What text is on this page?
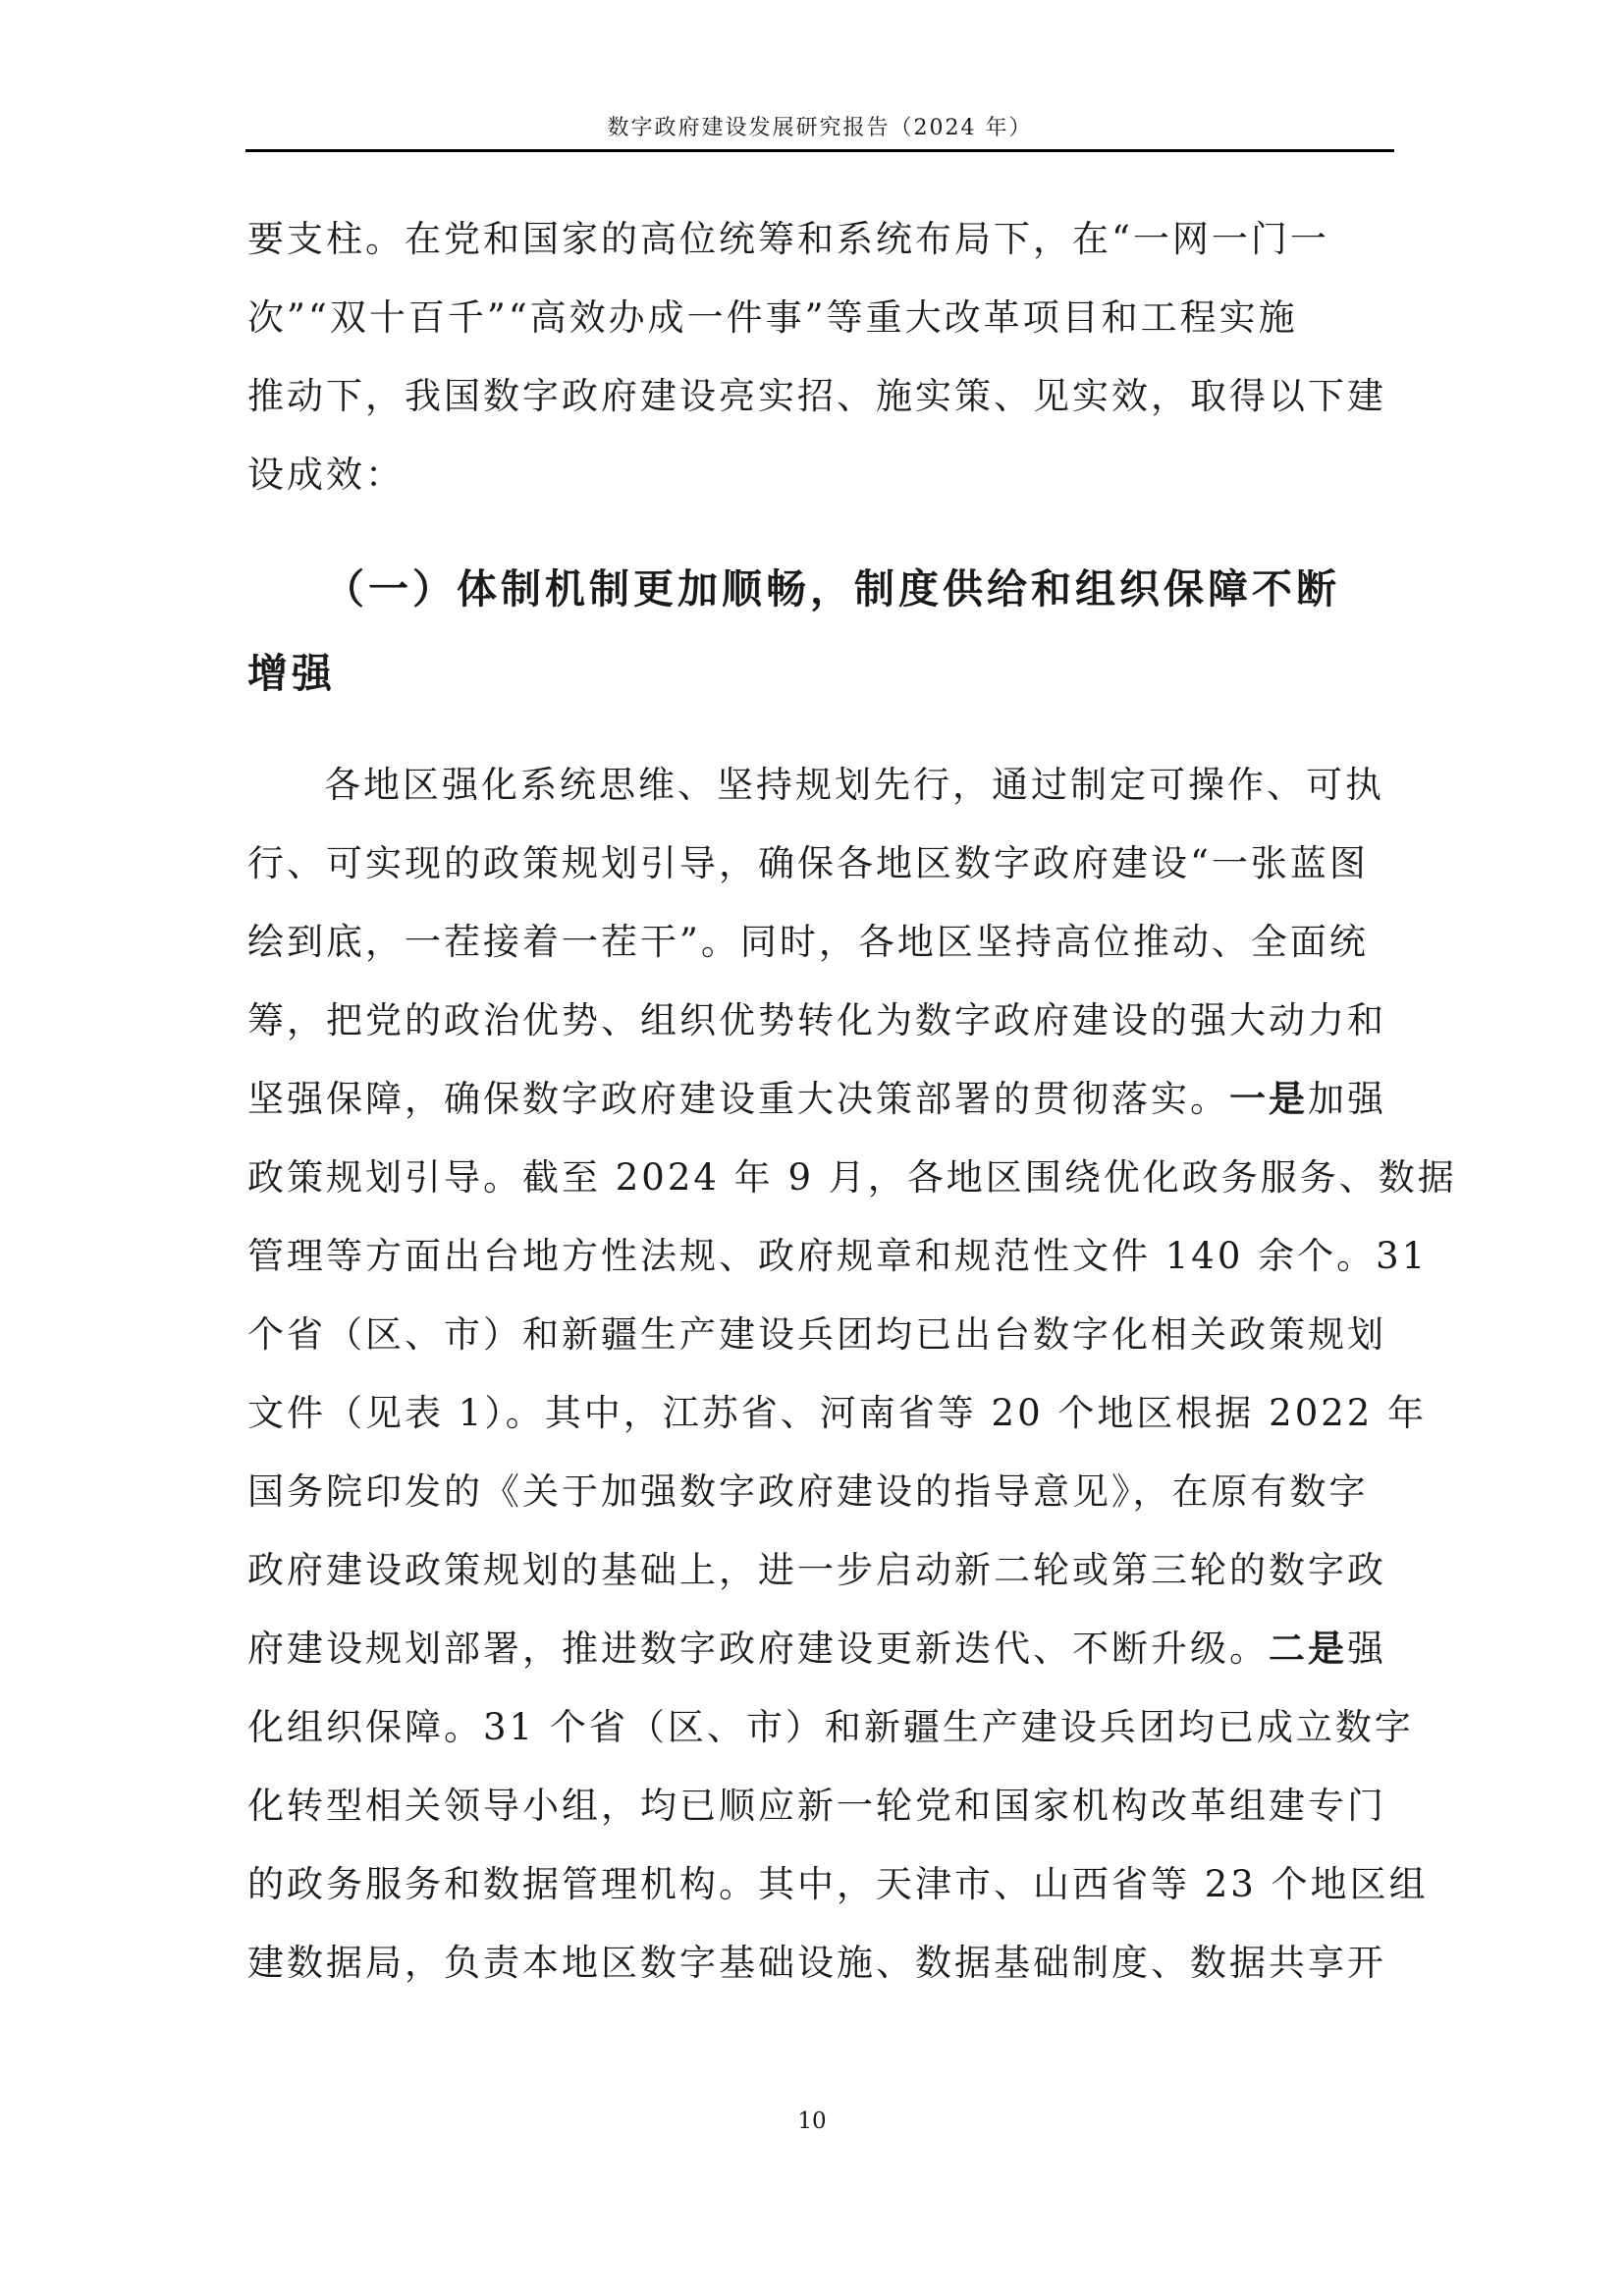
数字政府建设发展研究报告（2024 年）
要支柱。在党和国家的高位统筹和系统布局下，在“一网一门一
次”“双十百千”“高效办成一件事”等重大改革项目和工程实施
推动下，我国数字政府建设亮实招、施实策、见实效，取得以下建
设成效：
（一）体制机制更加顺畅，制度供给和组织保障不断
增强
各地区强化系统思维、坚持规划先行，通过制定可操作、可执
行、可实现的政策规划引导，确保各地区数字政府建设“一张蓝图
绘到底，一茬接着一茬干”。同时，各地区坚持高位推动、全面统
筹，把党的政治优势、组织优势转化为数字政府建设的强大动力和
坚强保障，确保数字政府建设重大决策部署的贯彻落实。一是加强
政策规划引导。截至 2024 年 9 月，各地区围绕优化政务服务、数据
管理等方面出台地方性法规、政府规章和规范性文件 140 余个。31
个省（区、市）和新疆生产建设兵团均已出台数字化相关政策规划
文件（见表 1）。其中，江苏省、河南省等 20 个地区根据 2022 年
国务院印发的《关于加强数字政府建设的指导意见》，在原有数字
政府建设政策规划的基础上，进一步启动新二轮或第三轮的数字政
府建设规划部署，推进数字政府建设更新迭代、不断升级。二是强
化组织保障。31 个省（区、市）和新疆生产建设兵团均已成立数字
化转型相关领导小组，均已顺应新一轮党和国家机构改革组建专门
的政务服务和数据管理机构。其中，天津市、山西省等 23 个地区组
建数据局，负责本地区数字基础设施、数据基础制度、数据共享开
10
